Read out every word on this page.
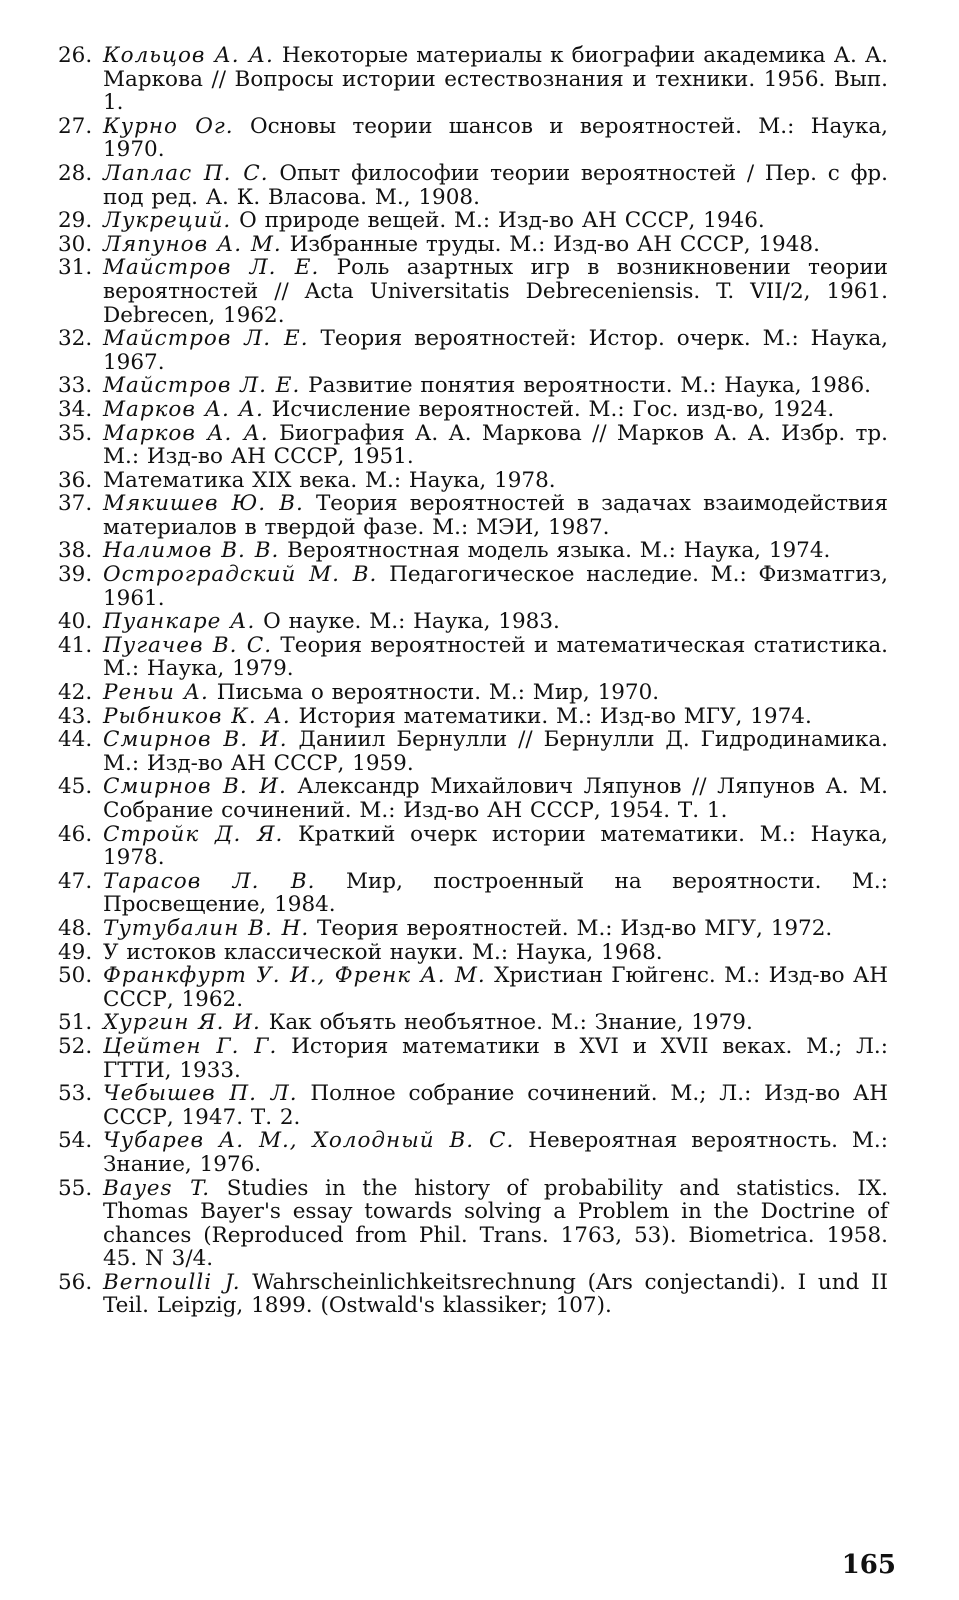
26. Кольцов А. А. Некоторые материалы к биографии академика А. А. Маркова // Вопросы истории естествознания и техники. 1956. Вып. 1.
27. Курно Ог. Основы теории шансов и вероятностей. М.: Наука, 1970.
28. Лаплас П. С. Опыт философии теории вероятностей / Пер. с фр. под ред. А. К. Власова. М., 1908.
29. Лукреций. О природе вещей. М.: Изд-во АН СССР, 1946.
30. Ляпунов А. М. Избранные труды. М.: Изд-во АН СССР, 1948.
31. Майстров Л. Е. Роль азартных игр в возникновении теории вероятностей // Acta Universitatis Debreceniensis. T. VII/2, 1961. Debrecen, 1962.
32. Майстров Л. Е. Теория вероятностей: Истор. очерк. М.: Наука, 1967.
33. Майстров Л. Е. Развитие понятия вероятности. М.: Наука, 1986.
34. Марков А. А. Исчисление вероятностей. М.: Гос. изд-во, 1924.
35. Марков А. А. Биография А. А. Маркова // Марков А. А. Избр. тр. М.: Изд-во АН СССР, 1951.
36. Математика XIX века. М.: Наука, 1978.
37. Мякишев Ю. В. Теория вероятностей в задачах взаимодействия материалов в твердой фазе. М.: МЭИ, 1987.
38. Налимов В. В. Вероятностная модель языка. М.: Наука, 1974.
39. Остроградский М. В. Педагогическое наследие. М.: Физматгиз, 1961.
40. Пуанкаре А. О науке. М.: Наука, 1983.
41. Пугачев В. С. Теория вероятностей и математическая статистика. М.: Наука, 1979.
42. Реньи А. Письма о вероятности. М.: Мир, 1970.
43. Рыбников К. А. История математики. М.: Изд-во МГУ, 1974.
44. Смирнов В. И. Даниил Бернулли // Бернулли Д. Гидродинамика. М.: Изд-во АН СССР, 1959.
45. Смирнов В. И. Александр Михайлович Ляпунов // Ляпунов А. М. Собрание сочинений. М.: Изд-во АН СССР, 1954. Т. 1.
46. Стройк Д. Я. Краткий очерк истории математики. М.: Наука, 1978.
47. Тарасов Л. В. Мир, построенный на вероятности. М.: Просвещение, 1984.
48. Тутубалин В. Н. Теория вероятностей. М.: Изд-во МГУ, 1972.
49. У истоков классической науки. М.: Наука, 1968.
50. Франкфурт У. И., Френк А. М. Христиан Гюйгенс. М.: Изд-во АН СССР, 1962.
51. Хургин Я. И. Как объять необъятное. М.: Знание, 1979.
52. Цейтен Г. Г. История математики в XVI и XVII веках. М.; Л.: ГТТИ, 1933.
53. Чебышев П. Л. Полное собрание сочинений. М.; Л.: Изд-во АН СССР, 1947. Т. 2.
54. Чубарев А. М., Холодный В. С. Невероятная вероятность. М.: Знание, 1976.
55. Bayes T. Studies in the history of probability and statistics. IX. Thomas Bayer's essay towards solving a Problem in the Doctrine of chances (Reproduced from Phil. Trans. 1763, 53). Biometrica. 1958. 45. N 3/4.
56. Bernoulli J. Wahrscheinlichkeitsrechnung (Ars conjectandi). I und II Teil. Leipzig, 1899. (Ostwald's klassiker; 107).
165
